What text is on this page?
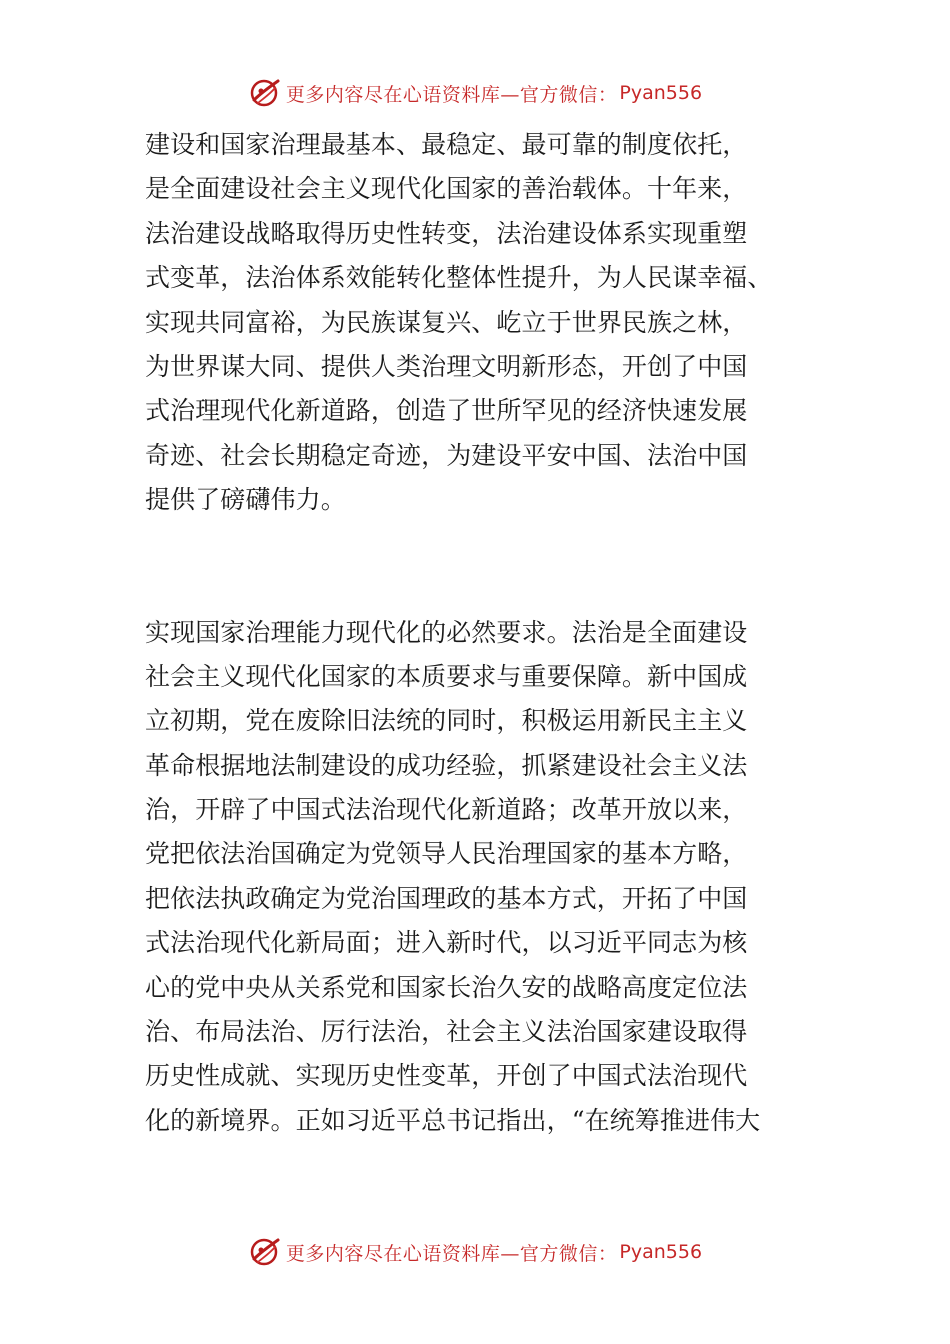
更多内容尽在心语资料库—官方微信： Pyan556
建设和国家治理最基本、最稳定、最可靠的制度依托，
是全面建设社会主义现代化国家的善治载体。十年来，
法治建设战略取得历史性转变，法治建设体系实现重塑
式变革，法治体系效能转化整体性提升，为人民谋幸福、
实现共同富裕，为民族谋复兴、屹立于世界民族之林，
为世界谋大同、提供人类治理文明新形态，开创了中国
式治理现代化新道路，创造了世所罕见的经济快速发展
奇迹、社会长期稳定奇迹，为建设平安中国、法治中国
提供了磅礴伟力。
实现国家治理能力现代化的必然要求。法治是全面建设
社会主义现代化国家的本质要求与重要保障。新中国成
立初期，党在废除旧法统的同时，积极运用新民主主义
革命根据地法制建设的成功经验，抓紧建设社会主义法
治，开辟了中国式法治现代化新道路；改革开放以来，
党把依法治国确定为党领导人民治理国家的基本方略，
把依法执政确定为党治国理政的基本方式，开拓了中国
式法治现代化新局面；进入新时代，以习近平同志为核
心的党中央从关系党和国家长治久安的战略高度定位法
治、布局法治、厉行法治，社会主义法治国家建设取得
历史性成就、实现历史性变革，开创了中国式法治现代
化的新境界。正如习近平总书记指出，“在统筹推进伟大
更多内容尽在心语资料库—官方微信： Pyan556
